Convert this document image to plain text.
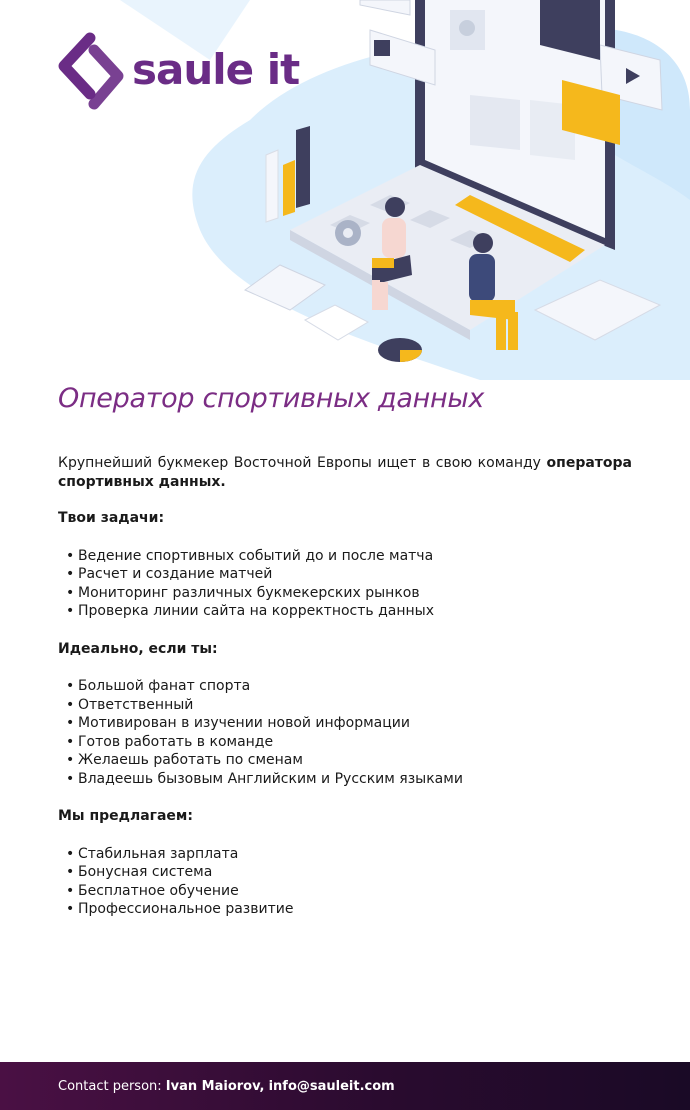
saule it
Оператор спортивных данных

Крупнейший букмекер Восточной Европы ищет в свою команду оператора спортивных данных.

Твои задачи:

• Ведение спортивных событий до и после матча
• Расчет и создание матчей
• Мониторинг различных букмекерских рынков
• Проверка линии сайта на корректность данных

Идеально, если ты:

• Большой фанат спорта
• Ответственный
• Мотивирован в изучении новой информации
• Готов работать в команде
• Желаешь работать по сменам
• Владеешь бызовым Английским и Русским языками

Мы предлагаем:

• Стабильная зарплата
• Бонусная система
• Бесплатное обучение
• Профессиональное развитие
Contact person: Ivan Maiorov, info@sauleit.com
